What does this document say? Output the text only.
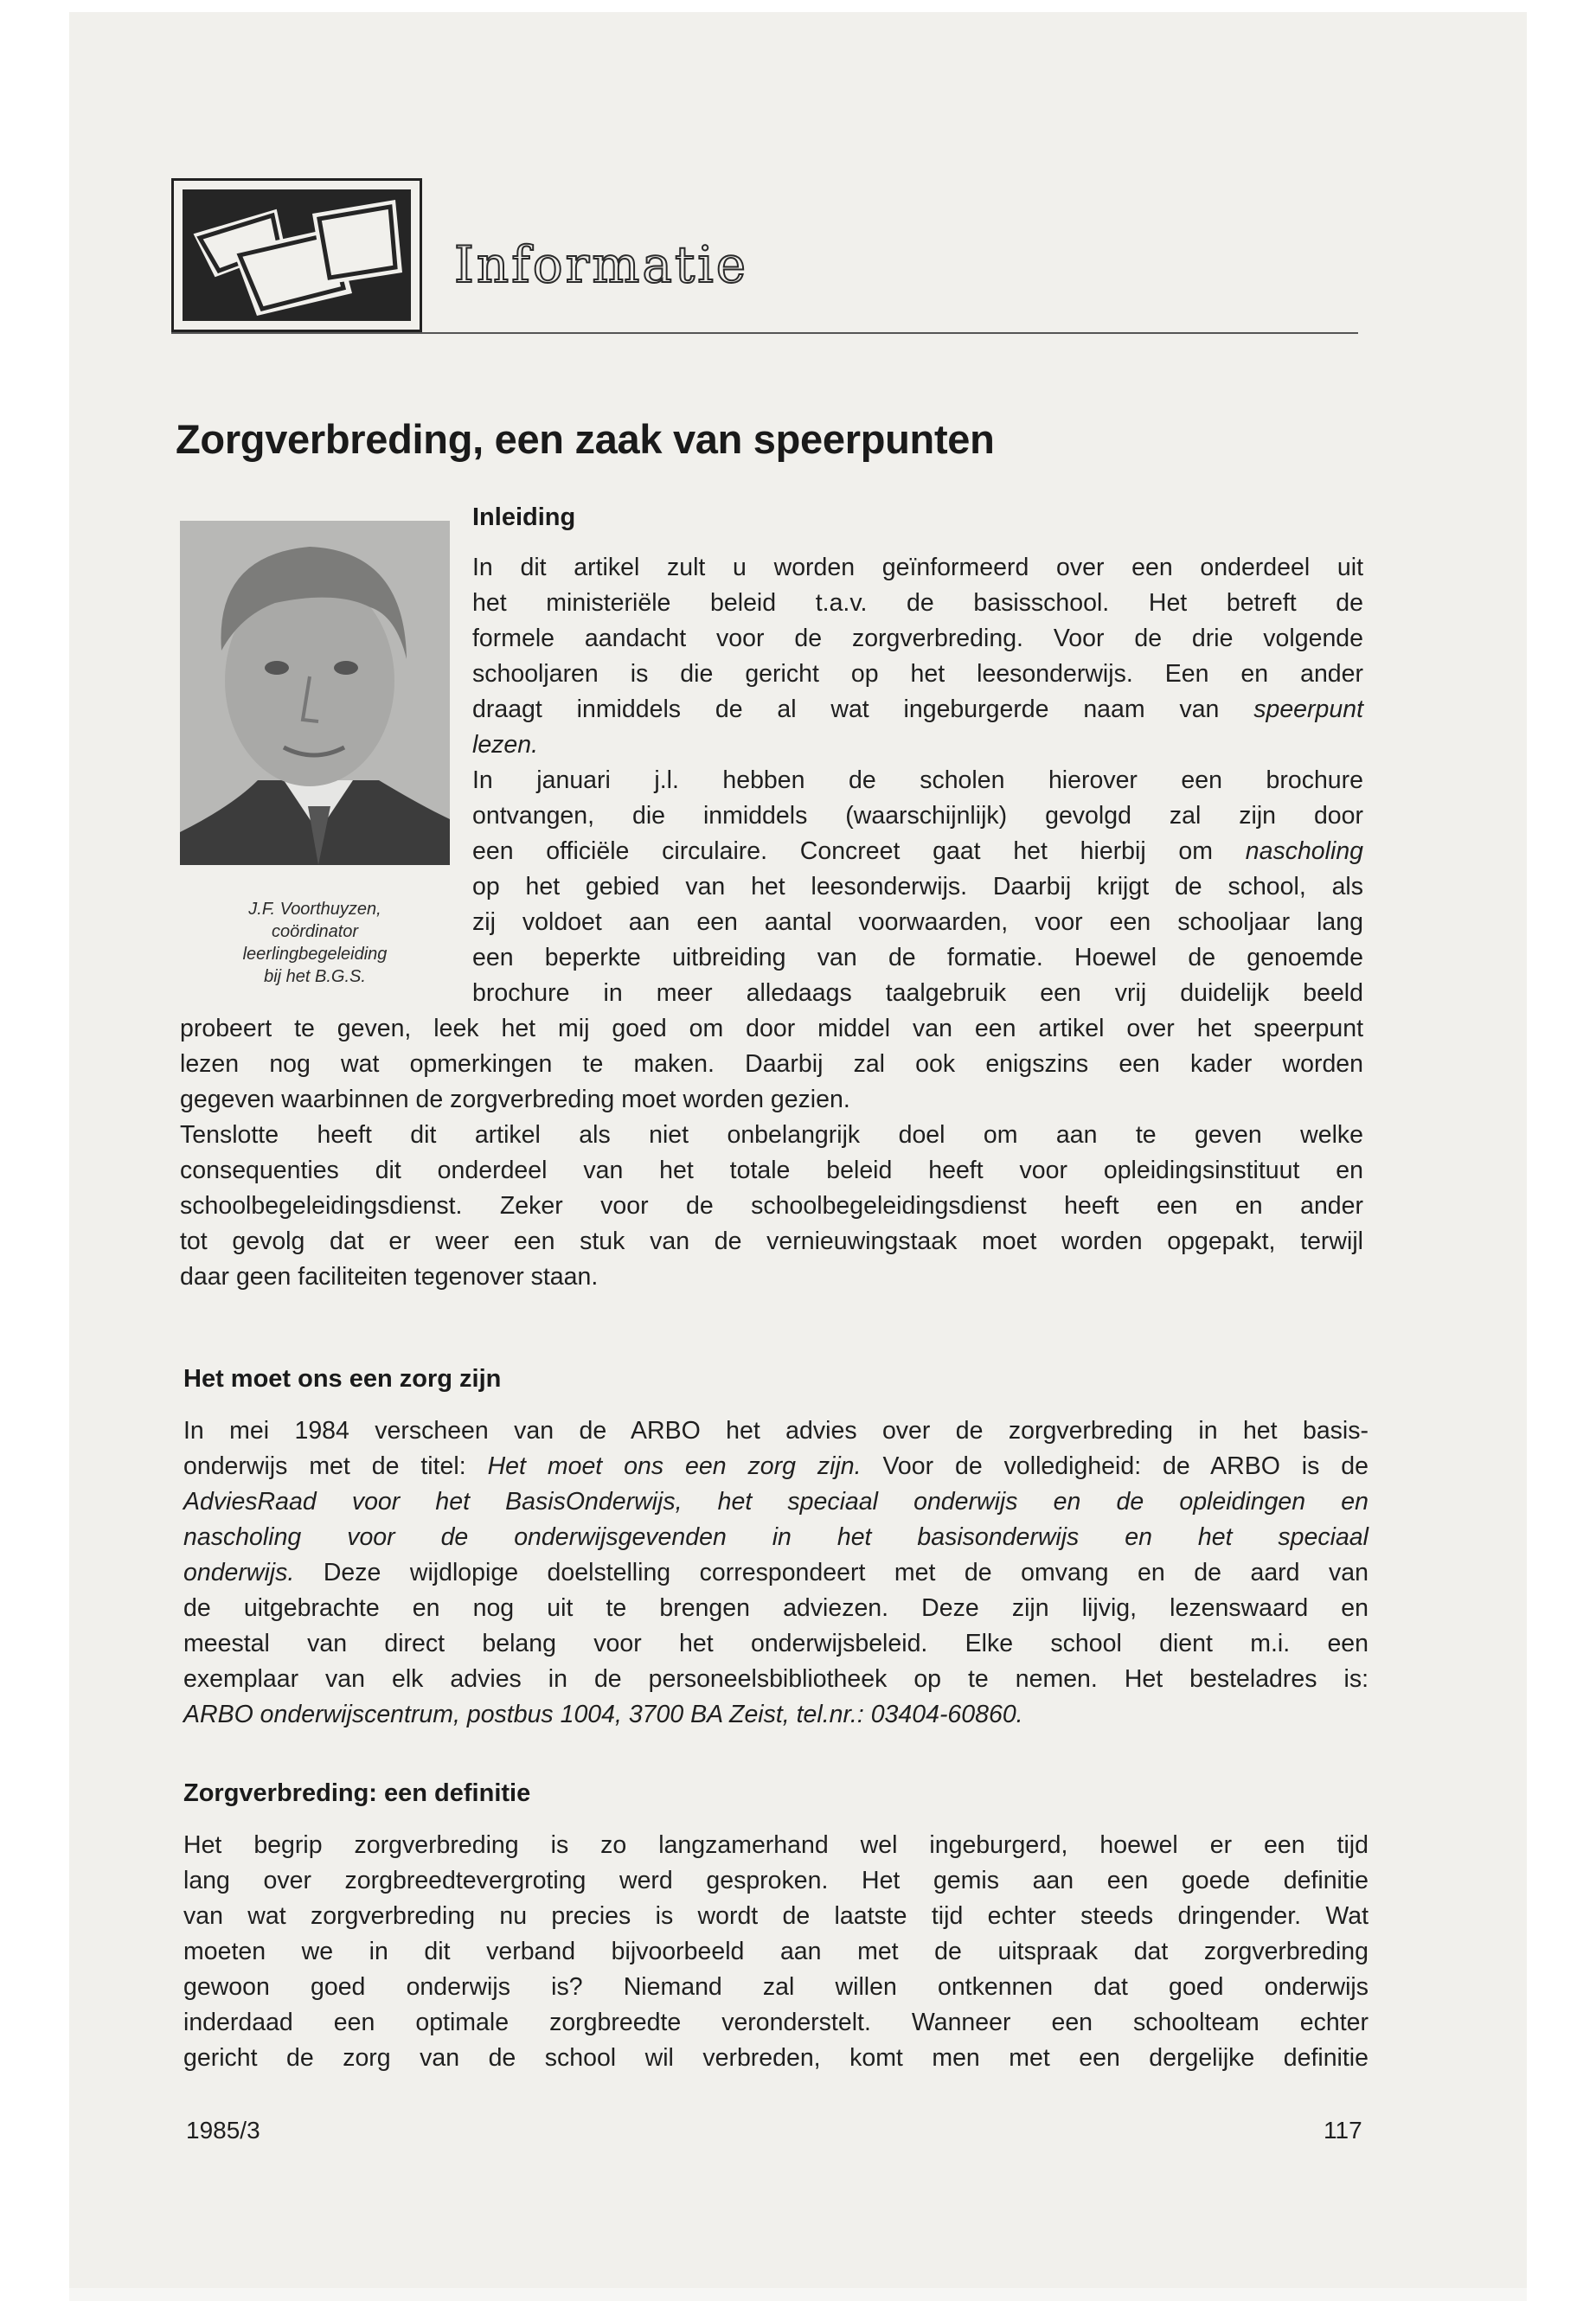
Informatie
Zorgverbreding, een zaak van speerpunten
J.F. Voorthuyzen,
coördinator
leerlingbegeleiding
bij het B.G.S.
Inleiding
In dit artikel zult u worden geïnformeerd over een onderdeel uit
het ministeriële beleid t.a.v. de basisschool. Het betreft de
formele aandacht voor de zorgverbreding. Voor de drie volgende
schooljaren is die gericht op het leesonderwijs. Een en ander
draagt inmiddels de al wat ingeburgerde naam van speerpunt
lezen.
In januari j.l. hebben de scholen hierover een brochure
ontvangen, die inmiddels (waarschijnlijk) gevolgd zal zijn door
een officiële circulaire. Concreet gaat het hierbij om nascholing
op het gebied van het leesonderwijs. Daarbij krijgt de school, als
zij voldoet aan een aantal voorwaarden, voor een schooljaar lang
een beperkte uitbreiding van de formatie. Hoewel de genoemde
brochure in meer alledaags taalgebruik een vrij duidelijk beeld
probeert te geven, leek het mij goed om door middel van een artikel over het speerpunt
lezen nog wat opmerkingen te maken. Daarbij zal ook enigszins een kader worden
gegeven waarbinnen de zorgverbreding moet worden gezien.
Tenslotte heeft dit artikel als niet onbelangrijk doel om aan te geven welke
consequenties dit onderdeel van het totale beleid heeft voor opleidingsinstituut en
schoolbegeleidingsdienst. Zeker voor de schoolbegeleidingsdienst heeft een en ander
tot gevolg dat er weer een stuk van de vernieuwingstaak moet worden opgepakt, terwijl
daar geen faciliteiten tegenover staan.
Het moet ons een zorg zijn
In mei 1984 verscheen van de ARBO het advies over de zorgverbreding in het basis-
onderwijs met de titel: Het moet ons een zorg zijn. Voor de volledigheid: de ARBO is de
AdviesRaad voor het BasisOnderwijs, het speciaal onderwijs en de opleidingen en
nascholing voor de onderwijsgevenden in het basisonderwijs en het speciaal
onderwijs. Deze wijdlopige doelstelling correspondeert met de omvang en de aard van
de uitgebrachte en nog uit te brengen adviezen. Deze zijn lijvig, lezenswaard en
meestal van direct belang voor het onderwijsbeleid. Elke school dient m.i. een
exemplaar van elk advies in de personeelsbibliotheek op te nemen. Het besteladres is:
ARBO onderwijscentrum, postbus 1004, 3700 BA Zeist, tel.nr.: 03404-60860.
Zorgverbreding: een definitie
Het begrip zorgverbreding is zo langzamerhand wel ingeburgerd, hoewel er een tijd
lang over zorgbreedtevergroting werd gesproken. Het gemis aan een goede definitie
van wat zorgverbreding nu precies is wordt de laatste tijd echter steeds dringender. Wat
moeten we in dit verband bijvoorbeeld aan met de uitspraak dat zorgverbreding
gewoon goed onderwijs is? Niemand zal willen ontkennen dat goed onderwijs
inderdaad een optimale zorgbreedte veronderstelt. Wanneer een schoolteam echter
gericht de zorg van de school wil verbreden, komt men met een dergelijke definitie
1985/3	117
